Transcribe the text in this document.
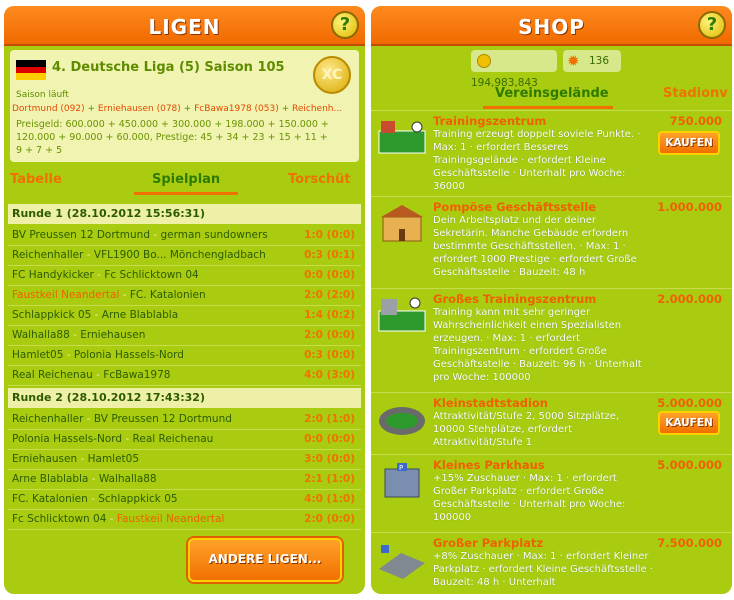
LIGEN	?
4. Deutsche Liga (5) Saison 105	XC
Saison läuft
Dortmund (092) + Erniehausen (078) + FcBawa1978 (053) + Reichenh...
Preisgeld: 600.000 + 450.000 + 300.000 + 198.000 + 150.000 + 120.000 + 90.000 + 60.000, Prestige: 45 + 34 + 23 + 15 + 11 + 9 + 7 + 5
Tabelle	Spielplan	Torschüt
Runde 1 (28.10.2012 15:56:31)
BV Preussen 12 Dortmund - german sundowners	1:0 (0:0)
Reichenhaller - VFL1900 Bo... Mönchengladbach	0:3 (0:1)
FC Handykicker - Fc Schlicktown 04	0:0 (0:0)
Faustkeil Neandertal - FC. Katalonien	2:0 (2:0)
Schlappkick 05 - Arne Blablabla	1:4 (0:2)
Walhalla88 - Erniehausen	2:0 (0:0)
Hamlet05 - Polonia Hassels-Nord	0:3 (0:0)
Real Reichenau - FcBawa1978	4:0 (3:0)
Runde 2 (28.10.2012 17:43:32)
Reichenhaller - BV Preussen 12 Dortmund	2:0 (1:0)
Polonia Hassels-Nord - Real Reichenau	0:0 (0:0)
Erniehausen - Hamlet05	3:0 (0:0)
Arne Blablabla - Walhalla88	2:1 (1:0)
FC. Katalonien - Schlappkick 05	4:0 (1:0)
Fc Schlicktown 04 - Faustkeil Neandertal	2:0 (0:0)
ANDERE LIGEN...
SHOP	?
194,983,843
✹ 136
Vereinsgelände	Stadionv
Trainingszentrum	750.000
Training erzeugt doppelt soviele Punkte. · Max: 1 · erfordert Besseres Trainingsgelände · erfordert Kleine Geschäftsstelle · Unterhalt pro Woche: 36000
KAUFEN
Pompöse Geschäftsstelle	1.000.000
Dein Arbeitsplatz und der deiner Sekretärin. Manche Gebäude erfordern bestimmte Geschäftsstellen. · Max: 1 · erfordert 1000 Prestige · erfordert Große Geschäftsstelle · Bauzeit: 48 h
Großes Trainingszentrum	2.000.000
Training kann mit sehr geringer Wahrscheinlichkeit einen Spezialisten erzeugen. · Max: 1 · erfordert Trainingszentrum · erfordert Große Geschäftsstelle · Bauzeit: 96 h · Unterhalt pro Woche: 100000
Kleinstadtstadion	5.000.000
Attraktivität/Stufe 2, 5000 Sitzplätze, 10000 Stehplätze, erfordert Attraktivität/Stufe 1
KAUFEN
P	Kleines Parkhaus	5.000.000
+15% Zuschauer · Max: 1 · erfordert Großer Parkplatz · erfordert Große Geschäftsstelle · Unterhalt pro Woche: 100000
Großer Parkplatz	7.500.000
+8% Zuschauer · Max: 1 · erfordert Kleiner Parkplatz · erfordert Kleine Geschäftsstelle · Bauzeit: 48 h · Unterhalt
